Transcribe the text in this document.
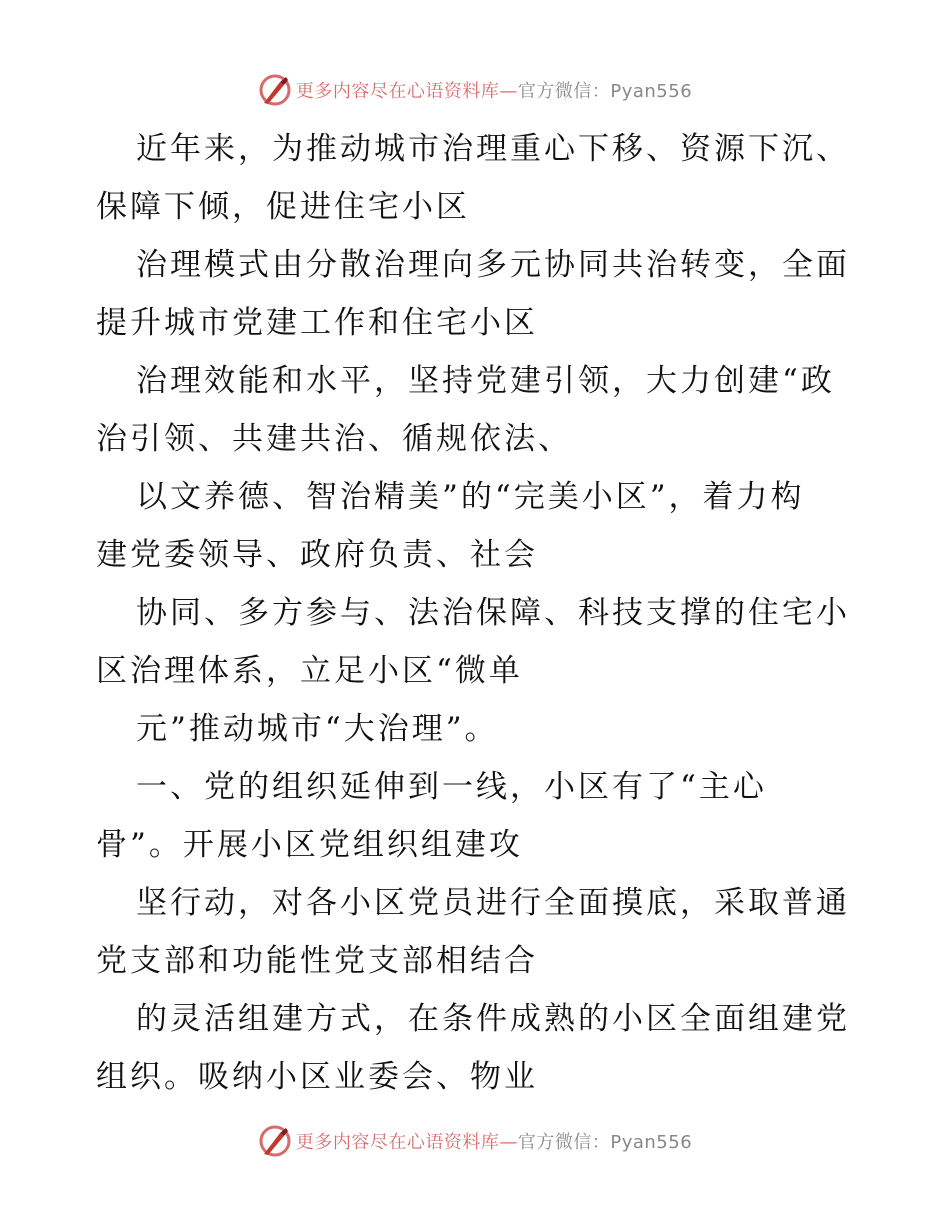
更多内容尽在心语资料库—官方微信：Pyan556

近年来，为推动城市治理重心下移、资源下沉、
保障下倾，促进住宅小区

治理模式由分散治理向多元协同共治转变，全面
提升城市党建工作和住宅小区

治理效能和水平，坚持党建引领，大力创建“政
治引领、共建共治、循规依法、

以文养德、智治精美”的“完美小区”，着力构
建党委领导、政府负责、社会

协同、多方参与、法治保障、科技支撑的住宅小
区治理体系，立足小区“微单

元”推动城市“大治理”。

一、党的组织延伸到一线，小区有了“主心
骨”。开展小区党组织组建攻

坚行动，对各小区党员进行全面摸底，采取普通
党支部和功能性党支部相结合

的灵活组建方式，在条件成熟的小区全面组建党
组织。吸纳小区业委会、物业

更多内容尽在心语资料库—官方微信：Pyan556
